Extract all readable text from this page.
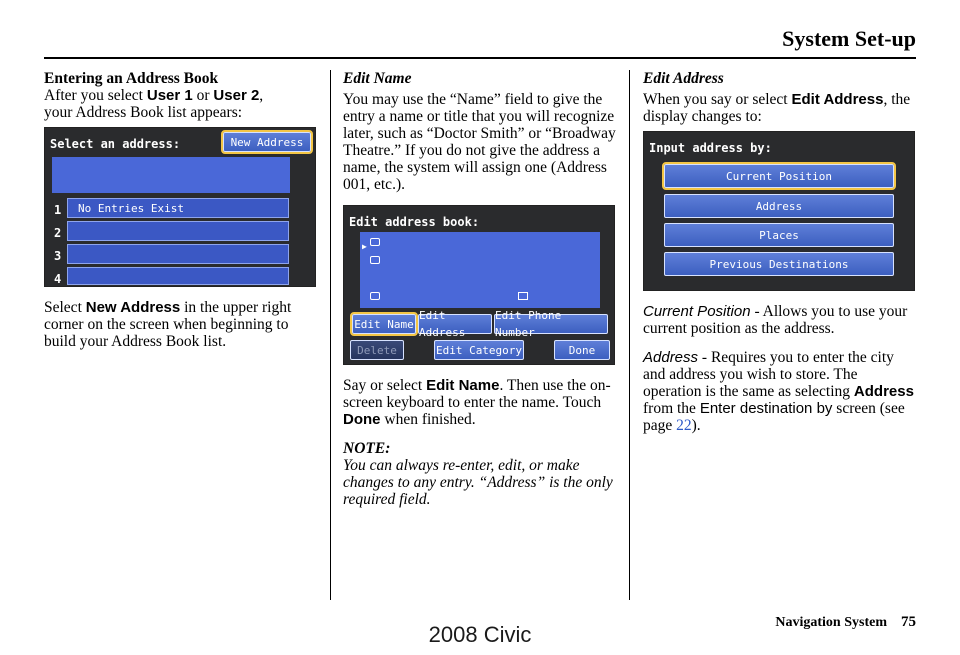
System Set-up

Entering an Address Book

After you select User 1 or User 2,
your Address Book list appears:

Select an address:	New Address
1	No Entries Exist
2
3
4

Select New Address in the upper right corner on the screen when beginning to build your Address Book list.

Edit Name

You may use the “Name” field to give the entry a name or title that you will recognize later, such as “Doctor Smith” or “Broadway Theatre.” If you do not give the address a name, the system will assign one (Address 001, etc.).

Edit address book:
▶
Edit Name
Edit Address
Edit Phone Number
Delete	Edit Category	Done

Say or select Edit Name. Then use the on-screen keyboard to enter the name. Touch Done when finished.

NOTE:

You can always re-enter, edit, or make changes to any entry. “Address” is the only required field.

Edit Address

When you say or select Edit Address, the display changes to:

Input address by:
Current Position
Address
Places
Previous Destinations

Current Position - Allows you to use your current position as the address.

Address - Requires you to enter the city and address you wish to store. The operation is the same as selecting Address from the Enter destination by screen (see page 22).

Navigation System 75
2008 Civic
